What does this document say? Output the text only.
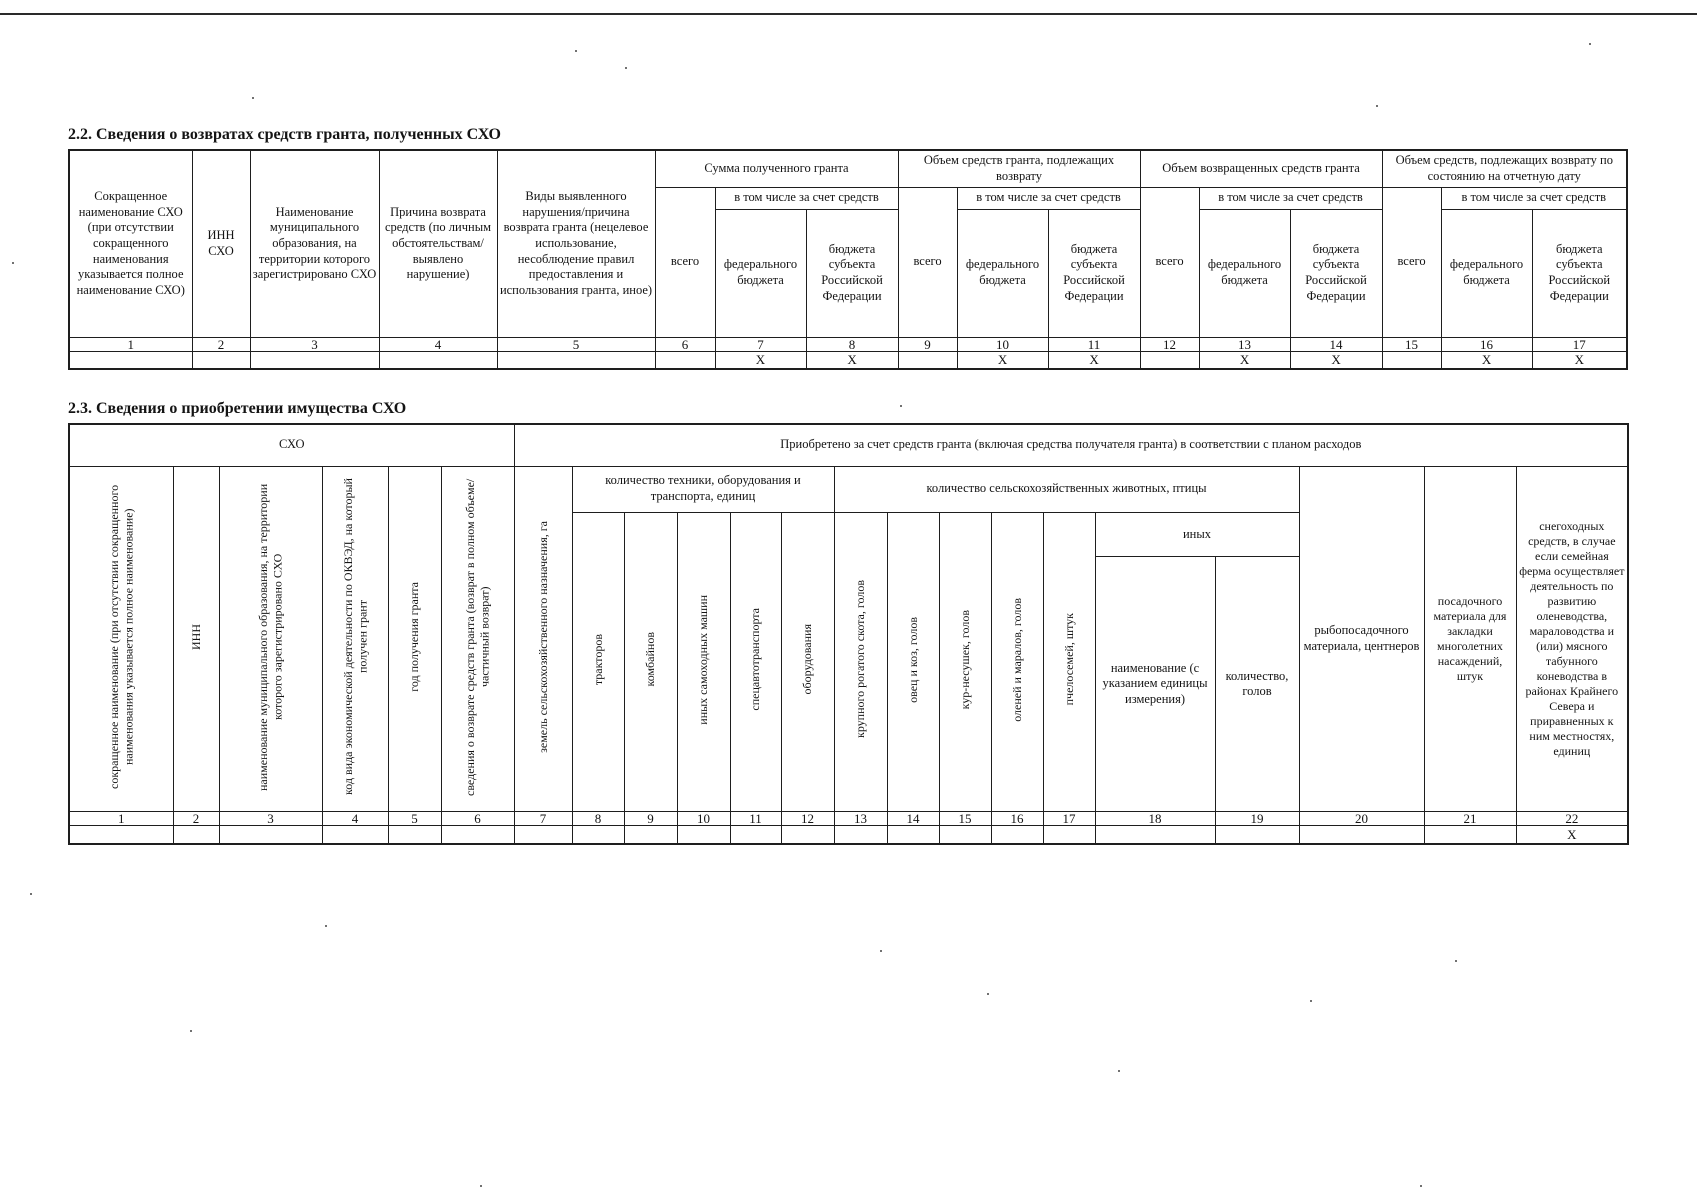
2.2. Сведения о возвратах средств гранта, полученных СХО
Сокращенное наименование СХО (при отсутствии сокращенного наименования указывается полное наименование СХО)	ИНН СХО	Наименование муниципального образования, на территории которого зарегистрировано СХО	Причина возврата средств (по личным обстоятельствам/ выявлено нарушение)	Виды выявленного нарушения/причина возврата гранта (нецелевое использование, несоблюдение правил предоставления и использования гранта, иное)	Сумма полученного гранта			Объем средств гранта, подлежащих возврату			Объем возвращенных средств гранта			Объем средств, подлежащих возврату по состоянию на отчетную дату		
					всего	в том числе за счет средств		всего	в том числе за счет средств		всего	в том числе за счет средств		всего	в том числе за счет средств	
						федерального бюджета	бюджета субъекта Российской Федерации		федерального бюджета	бюджета субъекта Российской Федерации		федерального бюджета	бюджета субъекта Российской Федерации		федерального бюджета	бюджета субъекта Российской Федерации
1	2	3	4	5	6	7	8	9	10	11	12	13	14	15	16	17
						X	X		X	X		X	X		X	X
2.3. Сведения о приобретении имущества СХО
СХО						Приобретено за счет средств гранта (включая средства получателя гранта) в соответствии с планом расходов															
сокращенное наименование (при отсутствии сокращенного наименования указывается полное наименование)	ИНН	наименование муниципального образования, на территории которого зарегистрировано СХО	код вида экономической деятельности по ОКВЭД, на который получен грант	год получения гранта	сведения о возврате средств гранта (возврат в полном объеме/частичный возврат)	земель сельскохозяйственного назначения, га	количество техники, оборудования и транспорта, единиц					количество сельскохозяйственных животных, птицы							рыбопосадочного материала, центнеров	посадочного материала для закладки многолетних насаждений, штук	снегоходных средств, в случае если семейная ферма осуществляет деятельность по развитию оленеводства, мараловодства и (или) мясного табунного коневодства в районах Крайнего Севера и приравненных к ним местностях, единиц
							тракторов	комбайнов	иных самоходных машин	спецавтотранспорта	оборудования	крупного рогатого скота, голов	овец и коз, голов	кур-несушек, голов	оленей и маралов, голов	пчелосемей, штук	иных				
																	наименование (с указанием единицы измерения)	количество, голов			
1	2	3	4	5	6	7	8	9	10	11	12	13	14	15	16	17	18	19	20	21	22
																					X
